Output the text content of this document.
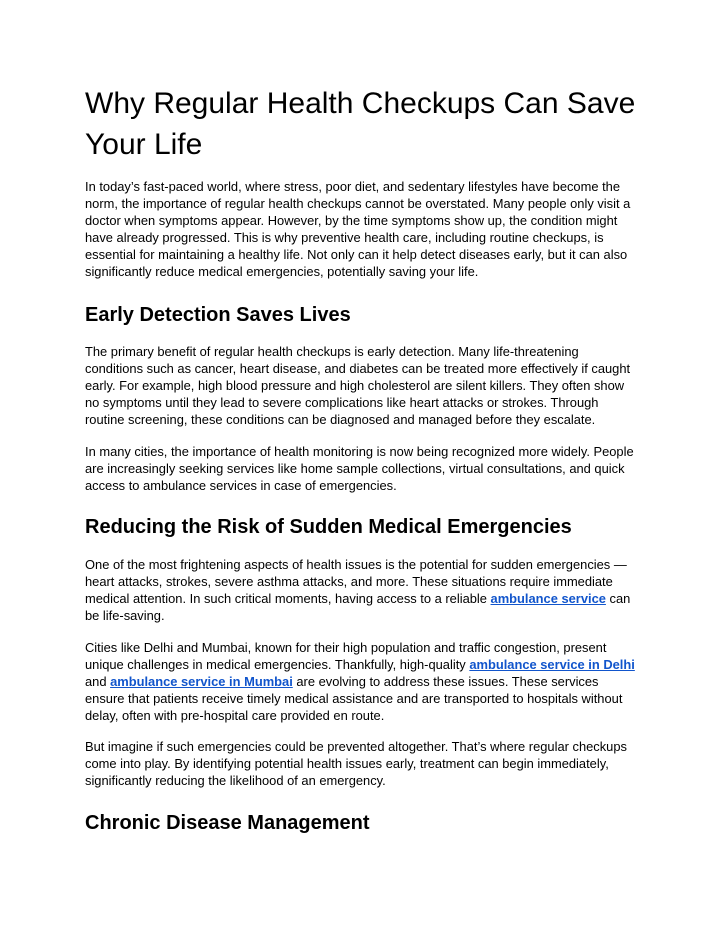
Why Regular Health Checkups Can Save Your Life

In today’s fast-paced world, where stress, poor diet, and sedentary lifestyles have become the norm, the importance of regular health checkups cannot be overstated. Many people only visit a doctor when symptoms appear. However, by the time symptoms show up, the condition might have already progressed. This is why preventive health care, including routine checkups, is essential for maintaining a healthy life. Not only can it help detect diseases early, but it can also significantly reduce medical emergencies, potentially saving your life.

Early Detection Saves Lives

The primary benefit of regular health checkups is early detection. Many life-threatening conditions such as cancer, heart disease, and diabetes can be treated more effectively if caught early. For example, high blood pressure and high cholesterol are silent killers. They often show no symptoms until they lead to severe complications like heart attacks or strokes. Through routine screening, these conditions can be diagnosed and managed before they escalate.

In many cities, the importance of health monitoring is now being recognized more widely. People are increasingly seeking services like home sample collections, virtual consultations, and quick access to ambulance services in case of emergencies.

Reducing the Risk of Sudden Medical Emergencies

One of the most frightening aspects of health issues is the potential for sudden emergencies — heart attacks, strokes, severe asthma attacks, and more. These situations require immediate medical attention. In such critical moments, having access to a reliable ambulance service can be life-saving.

Cities like Delhi and Mumbai, known for their high population and traffic congestion, present unique challenges in medical emergencies. Thankfully, high-quality ambulance service in Delhi and ambulance service in Mumbai are evolving to address these issues. These services ensure that patients receive timely medical assistance and are transported to hospitals without delay, often with pre-hospital care provided en route.

But imagine if such emergencies could be prevented altogether. That’s where regular checkups come into play. By identifying potential health issues early, treatment can begin immediately, significantly reducing the likelihood of an emergency.

Chronic Disease Management
